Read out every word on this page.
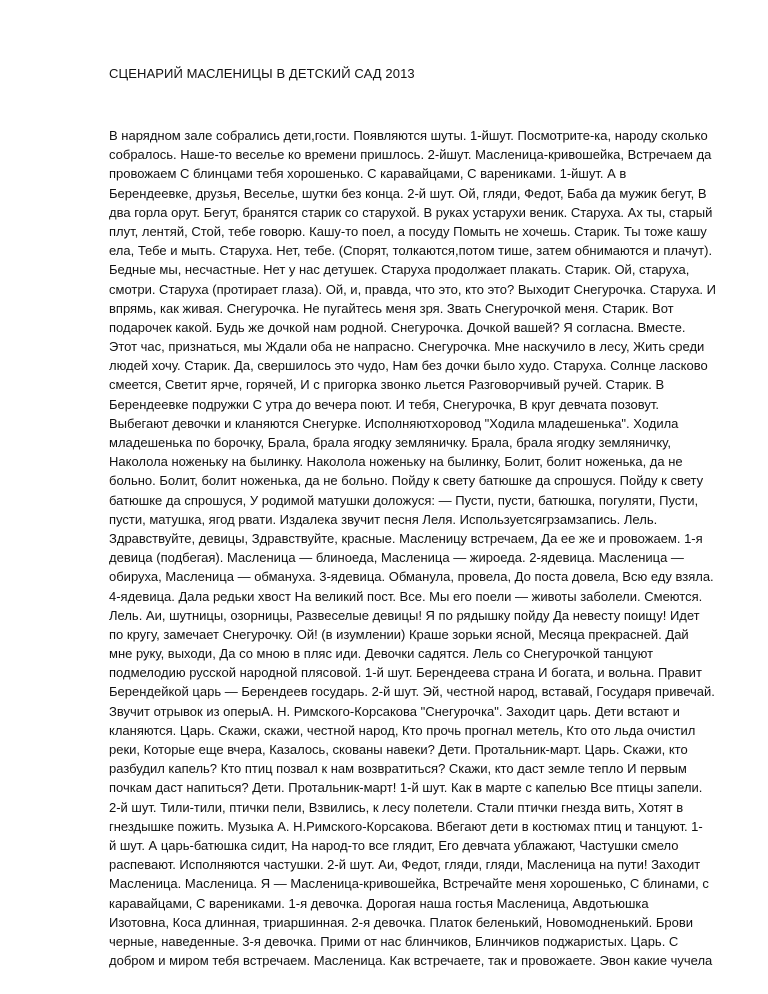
СЦЕНАРИЙ МАСЛЕНИЦЫ В ДЕТСКИЙ САД 2013
В нарядном зале собрались дети,гости. Появляются шуты. 1-йшут. Посмотрите-ка, народу сколько
собралось. Наше-то веселье ко времени пришлось. 2-йшут. Масленица-кривошейка, Встречаем да
провожаем С блинцами тебя хорошенько. С каравайцами, С варениками. 1-йшут. А в
Берендеевке, друзья, Веселье, шутки без конца. 2-й шут. Ой, гляди, Федот, Баба да мужик бегут, В
два горла орут. Бегут, бранятся старик со старухой. В руках устарухи веник. Старуха. Ах ты, старый
плут, лентяй, Стой, тебе говорю. Кашу-то поел, а посуду Помыть не хочешь. Старик. Ты тоже кашу
ела, Тебе и мыть. Старуха. Нет, тебе. (Спорят, толкаются,потом тише, затем обнимаются и плачут).
Бедные мы, несчастные. Нет у нас детушек. Старуха продолжает плакать. Старик. Ой, старуха,
смотри. Старуха (протирает глаза). Ой, и, правда, что это, кто это? Выходит Снегурочка. Старуха. И
впрямь, как живая. Снегурочка. Не пугайтесь меня зря. Звать Снегурочкой меня. Старик. Вот
подарочек какой. Будь же дочкой нам родной. Снегурочка. Дочкой вашей? Я согласна. Вместе.
Этот час, признаться, мы Ждали оба не напрасно. Снегурочка. Мне наскучило в лесу, Жить среди
людей хочу. Старик. Да, свершилось это чудо, Нам без дочки было худо. Старуха. Солнце ласково
смеется, Светит ярче, горячей, И с пригорка звонко льется Разговорчивый ручей. Старик. В
Берендеевке подружки С утра до вечера поют. И тебя, Снегурочка, В круг девчата позовут.
Выбегают девочки и кланяются Снегурке. Исполняютхоровод "Ходила младешенька". Ходила
младешенька по борочку, Брала, брала ягодку земляничку. Брала, брала ягодку земляничку,
Наколола ноженьку на былинку. Наколола ноженьку на былинку, Болит, болит ноженька, да не
больно. Болит, болит ноженька, да не больно. Пойду к свету батюшке да спрошуся. Пойду к свету
батюшке да спрошуся, У родимой матушки доложуся: — Пусти, пусти, батюшка, погуляти, Пусти,
пусти, матушка, ягод рвати. Издалека звучит песня Леля. Используетсягрзамзапись. Лель.
Здравствуйте, девицы, Здравствуйте, красные. Масленицу встречаем, Да ее же и провожаем. 1-я
девица (подбегая). Масленица — блиноеда, Масленица — жироеда. 2-ядевица. Масленица —
обируха, Масленица — обмануха. 3-ядевица. Обманула, провела, До поста довела, Всю еду взяла.
4-ядевица. Дала редьки хвост На великий пост. Все. Мы его поели — животы заболели. Смеются.
Лель. Аи, шутницы, озорницы, Развеселые девицы! Я по рядышку пойду Да невесту поищу! Идет
по кругу, замечает Снегурочку. Ой! (в изумлении) Краше зорьки ясной, Месяца прекрасней. Дай
мне руку, выходи, Да со мною в пляс иди. Девочки садятся. Лель со Снегурочкой танцуют
подмелодию русской народной плясовой. 1-й шут. Берендеева страна И богата, и вольна. Правит
Берендейкой царь — Берендеев государь. 2-й шут. Эй, честной народ, вставай, Государя привечай.
Звучит отрывок из оперыА. Н. Римского-Корсакова "Снегурочка". Заходит царь. Дети встают и
кланяются. Царь. Скажи, скажи, честной народ, Кто прочь прогнал метель, Кто ото льда очистил
реки, Которые еще вчера, Казалось, скованы навеки? Дети. Протальник-март. Царь. Скажи, кто
разбудил капель? Кто птиц позвал к нам возвратиться? Скажи, кто даст земле тепло И первым
почкам даст напиться? Дети. Протальник-март! 1-й шут. Как в марте с капелью Все птицы запели.
2-й шут. Тили-тили, птички пели, Взвились, к лесу полетели. Стали птички гнезда вить, Хотят в
гнездышке пожить. Музыка А. Н.Римского-Корсакова. Вбегают дети в костюмах птиц и танцуют. 1-
й шут. А царь-батюшка сидит, На народ-то все глядит, Его девчата ублажают, Частушки смело
распевают. Исполняются частушки. 2-й шут. Аи, Федот, гляди, гляди, Масленица на пути! Заходит
Масленица. Масленица. Я — Масленица-кривошейка, Встречайте меня хорошенько, С блинами, с
каравайцами, С варениками. 1-я девочка. Дорогая наша гостья Масленица, Авдотьюшка
Изотовна, Коса длинная, триаршинная. 2-я девочка. Платок беленький, Новомодненький. Брови
черные, наведенные. 3-я девочка. Прими от нас блинчиков, Блинчиков поджаристых. Царь. С
добром и миром тебя встречаем. Масленица. Как встречаете, так и провожаете. Эвон какие чучела
